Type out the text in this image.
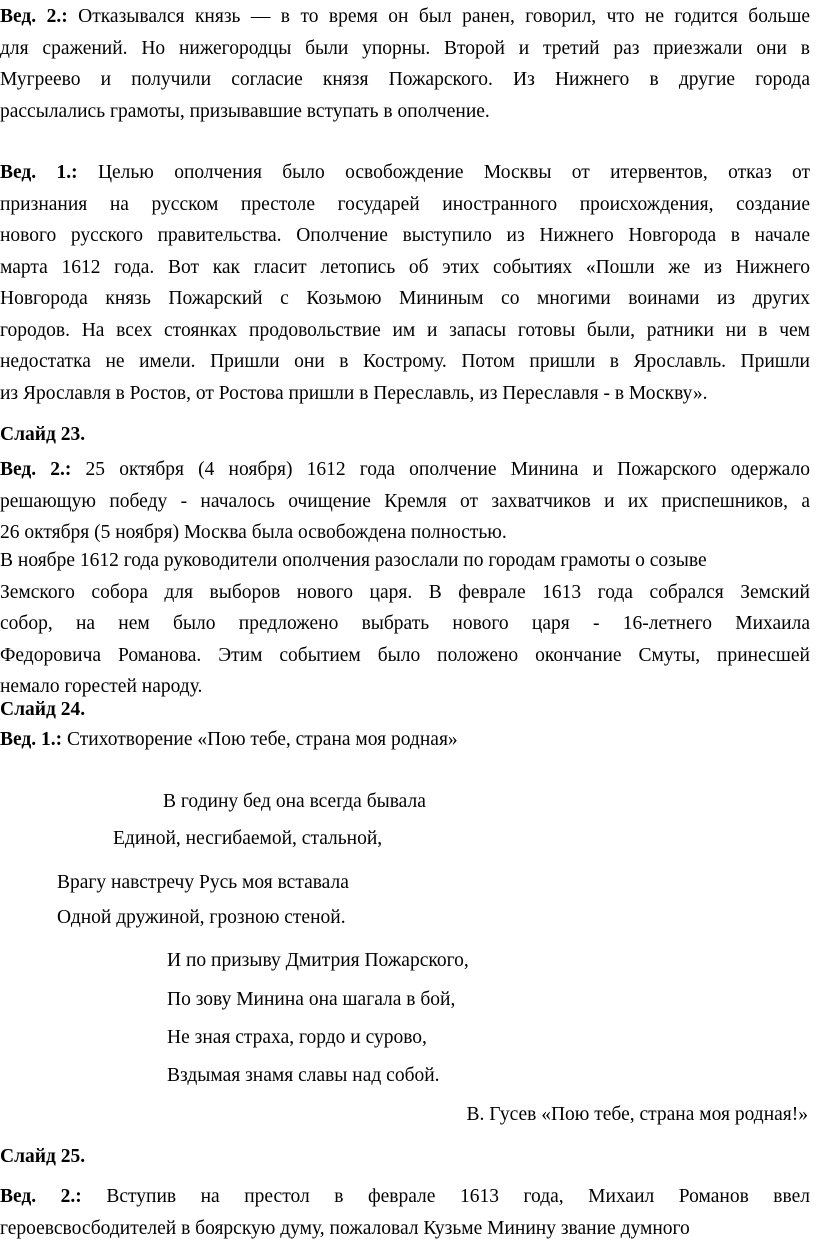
Вед. 2.: Отказывался князь — в то время он был ранен, говорил, что не годится больше
для сражений. Но нижегородцы были упорны. Второй и третий раз приезжали они в
Мугреево и получили согласие князя Пожарского. Из Нижнего в другие города
рассылались грамоты, призывавшие вступать в ополчение.
Вед. 1.: Целью ополчения было освобождение Москвы от итервентов, отказ от
признания на русском престоле государей иностранного происхождения, создание
нового русского правительства. Ополчение выступило из Нижнего Новгорода в начале
марта 1612 года. Вот как гласит летопись об этих событиях «Пошли же из Нижнего
Новгорода князь Пожарский с Козьмою Мининым со многими воинами из других
городов. На всех стоянках продовольствие им и запасы готовы были, ратники ни в чем
недостатка не имели. Пришли они в Кострому. Потом пришли в Ярославль. Пришли
из Ярославля в Ростов, от Ростова пришли в Переславль, из Переславля - в Москву».
Слайд 23.
Вед. 2.: 25 октября (4 ноября) 1612 года ополчение Минина и Пожарского одержало
решающую победу - началось очищение Кремля от захватчиков и их приспешников, а
26 октября (5 ноября) Москва была освобождена полностью.
В ноябре 1612 года руководители ополчения разослали по городам грамоты о созыве
Земского собора для выборов нового царя. В феврале 1613 года собрался Земский
собор, на нем было предложено выбрать нового царя - 16-летнего Михаила
Федоровича Романова. Этим событием было положено окончание Смуты, принесшей
немало горестей народу.
Слайд 24.
Вед. 1.: Стихотворение «Пою тебе, страна моя родная»
В годину бед она всегда бывала
Единой, несгибаемой, стальной,
Врагу навстречу Русь моя вставала
Одной дружиной, грозною стеной.
И по призыву Дмитрия Пожарского,
По зову Минина она шагала в бой,
Не зная страха, гордо и сурово,
Вздымая знамя славы над собой.
В. Гусев «Пою тебе, страна моя родная!»
Слайд 25.
Вед. 2.: Вступив на престол в феврале 1613 года, Михаил Романов ввел
героевсвосбодителей в боярскую думу, пожаловал Кузьме Минину звание думного
